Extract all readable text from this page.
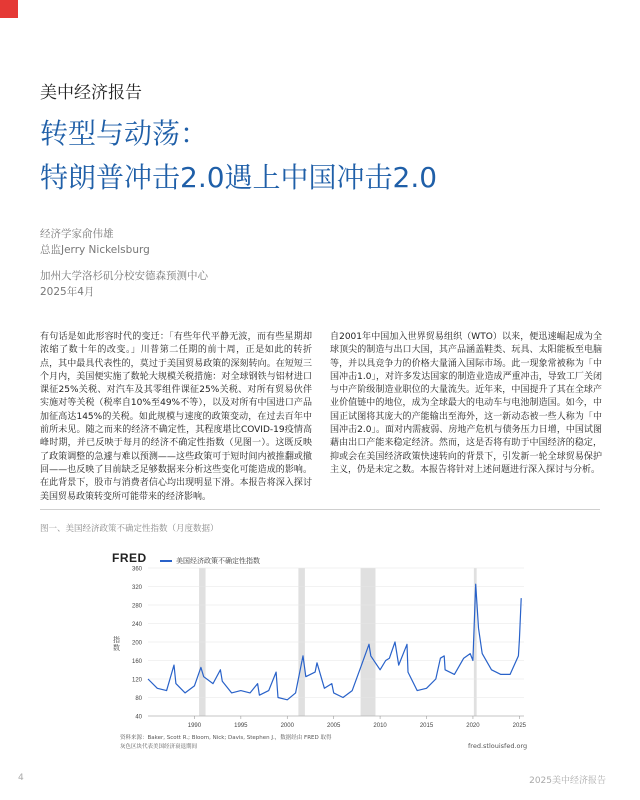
美中经济报告
转型与动荡：
特朗普冲击2.0遇上中国冲击2.0
经济学家俞伟雄
总监Jerry Nickelsburg
加州大学洛杉矶分校安德森预测中心
2025年4月

有句话是如此形容时代的变迁：「有些年代平静无波，而有些星期却浓缩了数十年的改变。」川普第二任期的前十周，正是如此的转折点，其中最具代表性的，莫过于美国贸易政策的深刻转向。在短短三个月内，美国便实施了数轮大规模关税措施：对全球钢铁与铝材进口课征25%关税、对汽车及其零组件课征25%关税、对所有贸易伙伴实施对等关税（税率自10%至49%不等），以及对所有中国进口产品加征高达145%的关税。如此规模与速度的政策变动，在过去百年中前所未见。随之而来的经济不确定性，其程度堪比COVID-19疫情高峰时期，并已反映于每月的经济不确定性指数（见图一）。这既反映了政策调整的急遽与难以预测——这些政策可于短时间内被推翻或撤回——也反映了目前缺乏足够数据来分析这些变化可能造成的影响。在此背景下，股市与消费者信心均出现明显下滑。本报告将深入探讨美国贸易政策转变所可能带来的经济影响。

自2001年中国加入世界贸易组织（WTO）以来，便迅速崛起成为全球顶尖的制造与出口大国，其产品涵盖鞋类、玩具、太阳能板至电脑等，并以具竞争力的价格大量涌入国际市场。此一现象常被称为「中国冲击1.0」，对许多发达国家的制造业造成严重冲击，导致工厂关闭与中产阶级制造业职位的大量流失。近年来，中国提升了其在全球产业价值链中的地位，成为全球最大的电动车与电池制造国。如今，中国正试图将其庞大的产能输出至海外，这一新动态被一些人称为「中国冲击2.0」。面对内需疲弱、房地产危机与债务压力日增，中国试图藉由出口产能来稳定经济。然而，这是否将有助于中国经济的稳定，抑或会在美国经济政策快速转向的背景下，引发新一轮全球贸易保护主义，仍是未定之数。本报告将针对上述问题进行深入探讨与分析。

图一、美国经济政策不确定性指数（月度数据）
FRED	美国经济政策不确定性指数
指数
40
80
120
160
200
240
280
320
360
1990	1995	2000	2005	2010	2015	2020	2025
资料来源：Baker, Scott R.; Bloom, Nick; Davis, Stephen J.，数据经由 FRED 取得
灰色区块代表美国经济衰退期间	fred.stlouisfed.org
4	2025美中经济报告
